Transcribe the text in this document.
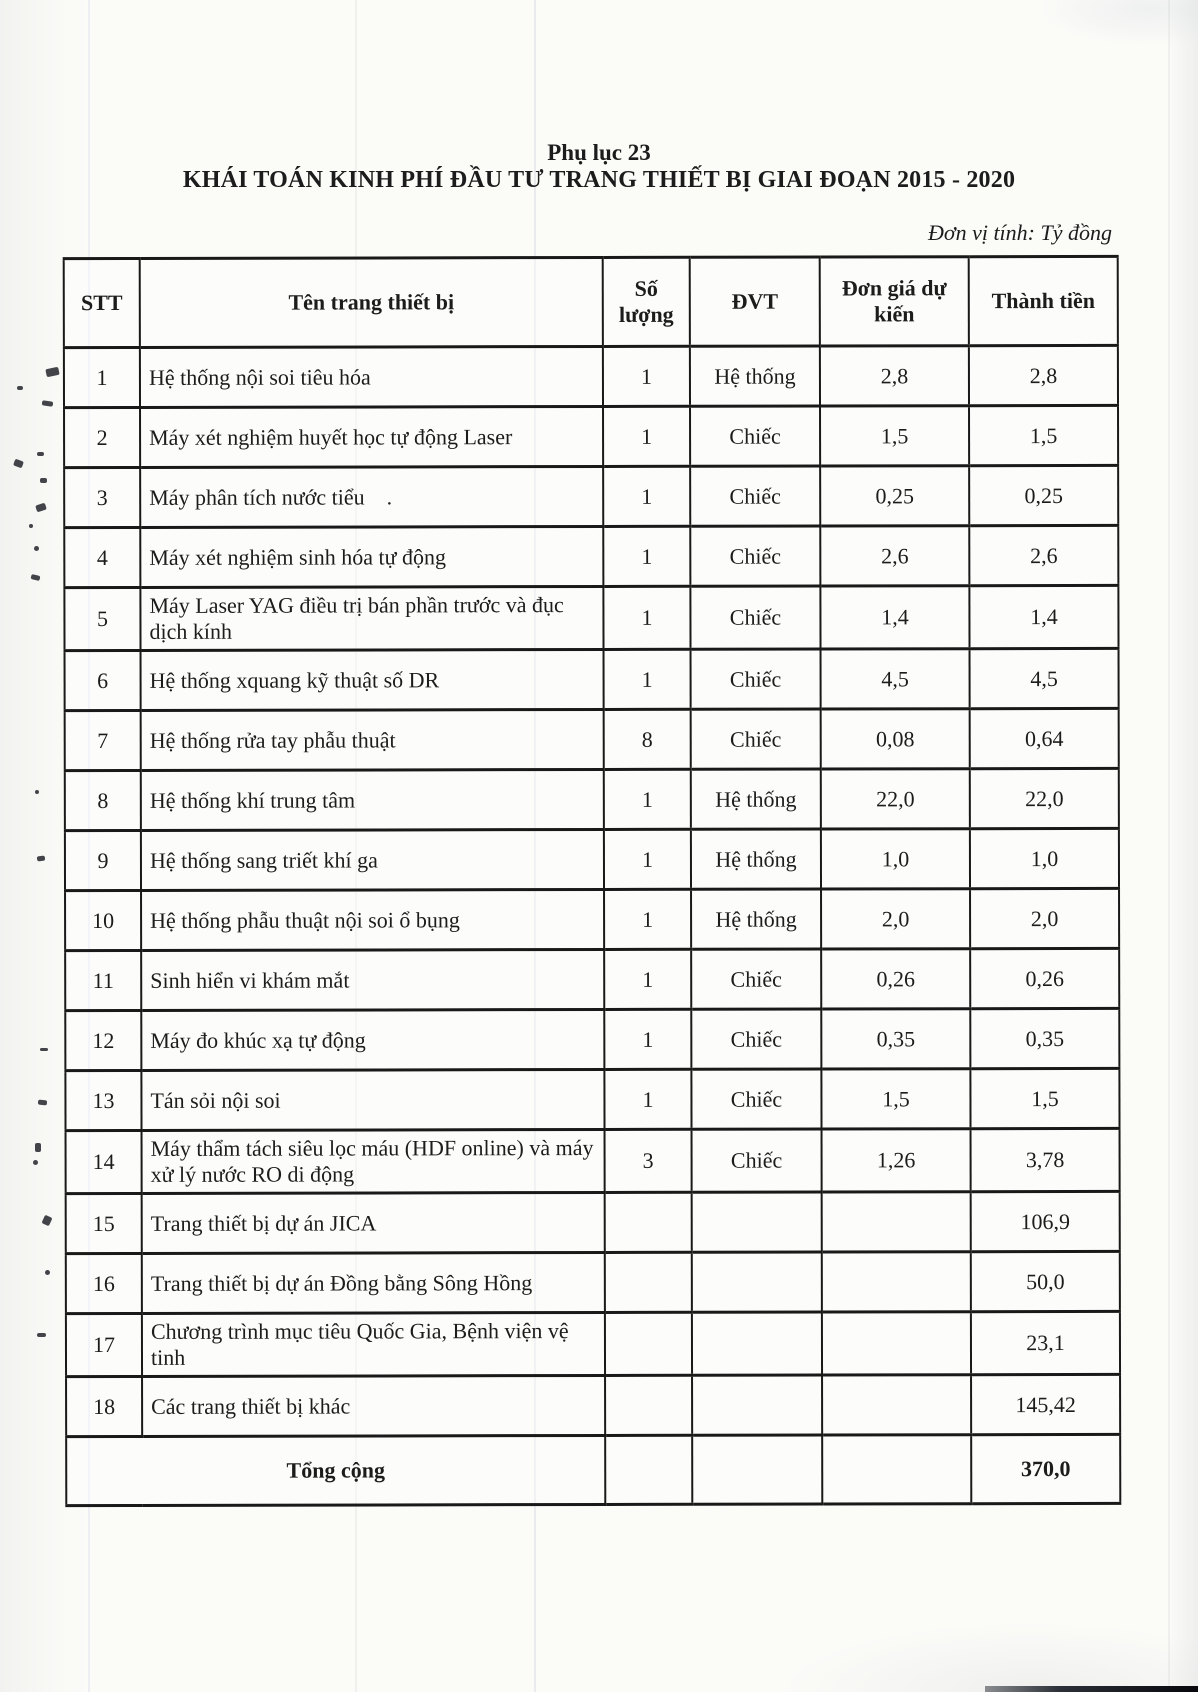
Phụ lục 23
KHÁI TOÁN KINH PHÍ ĐẦU TƯ TRANG THIẾT BỊ GIAI ĐOẠN 2015 - 2020
Đơn vị tính: Tỷ đồng
STT	Tên trang thiết bị	Số lượng	ĐVT	Đơn giá dự kiến	Thành tiền
1	Hệ thống nội soi tiêu hóa	1	Hệ thống	2,8	2,8
2	Máy xét nghiệm huyết học tự động Laser	1	Chiếc	1,5	1,5
3	Máy phân tích nước tiểu    .	1	Chiếc	0,25	0,25
4	Máy xét nghiệm sinh hóa tự động	1	Chiếc	2,6	2,6
5	Máy Laser YAG điều trị bán phần trước và đục dịch kính	1	Chiếc	1,4	1,4
6	Hệ thống xquang kỹ thuật số DR	1	Chiếc	4,5	4,5
7	Hệ thống rửa tay phẫu thuật	8	Chiếc	0,08	0,64
8	Hệ thống khí trung tâm	1	Hệ thống	22,0	22,0
9	Hệ thống sang triết khí ga	1	Hệ thống	1,0	1,0
10	Hệ thống phẫu thuật nội soi ổ bụng	1	Hệ thống	2,0	2,0
11	Sinh hiển vi khám mắt	1	Chiếc	0,26	0,26
12	Máy đo khúc xạ tự động	1	Chiếc	0,35	0,35
13	Tán sỏi nội soi	1	Chiếc	1,5	1,5
14	Máy thẩm tách siêu lọc máu (HDF online) và máy xử lý nước RO di động	3	Chiếc	1,26	3,78
15	Trang thiết bị dự án JICA				106,9
16	Trang thiết bị dự án Đồng bằng Sông Hồng				50,0
17	Chương trình mục tiêu Quốc Gia, Bệnh viện vệ tinh				23,1
18	Các trang thiết bị khác				145,42
Tổng cộng					370,0
